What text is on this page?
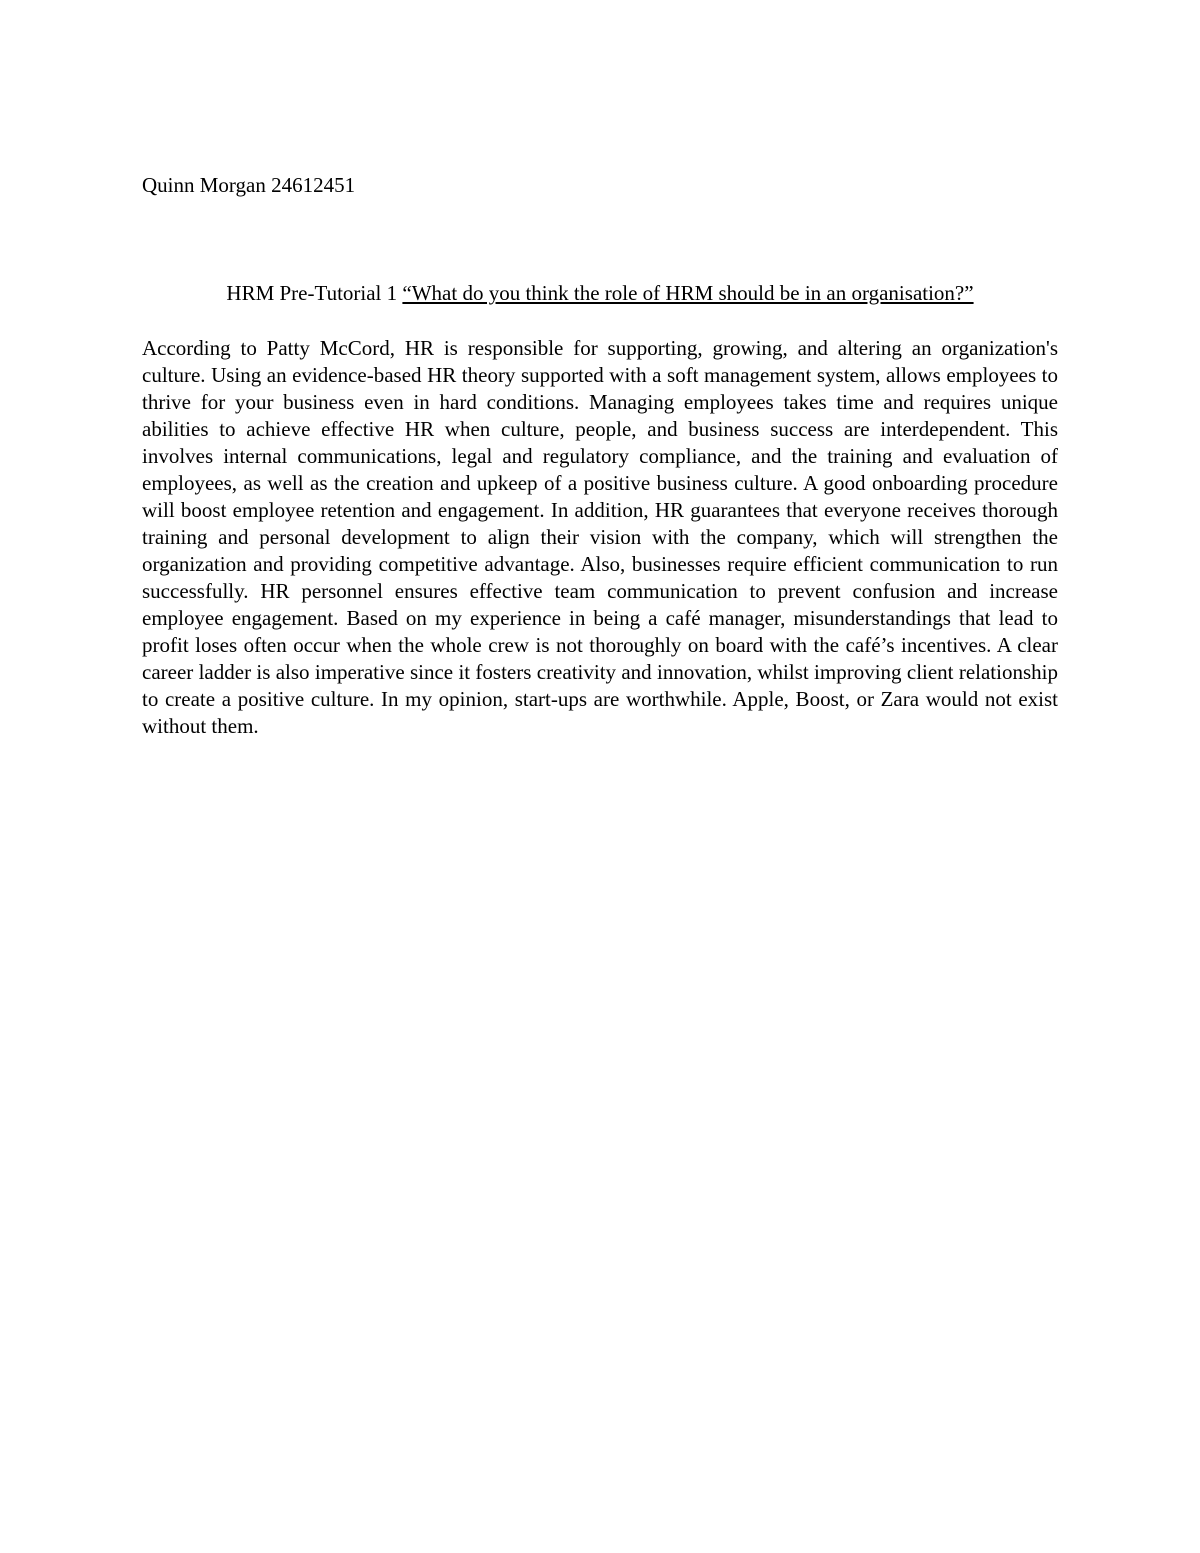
Quinn Morgan 24612451
HRM Pre-Tutorial 1 “What do you think the role of HRM should be in an organisation?”

According to Patty McCord, HR is responsible for supporting, growing, and altering an organization's culture. Using an evidence-based HR theory supported with a soft management system, allows employees to thrive for your business even in hard conditions. Managing employees takes time and requires unique abilities to achieve effective HR when culture, people, and business success are interdependent. This involves internal communications, legal and regulatory compliance, and the training and evaluation of employees, as well as the creation and upkeep of a positive business culture. A good onboarding procedure will boost employee retention and engagement. In addition, HR guarantees that everyone receives thorough training and personal development to align their vision with the company, which will strengthen the organization and providing competitive advantage. Also, businesses require efficient communication to run successfully. HR personnel ensures effective team communication to prevent confusion and increase employee engagement. Based on my experience in being a café manager, misunderstandings that lead to profit loses often occur when the whole crew is not thoroughly on board with the café’s incentives. A clear career ladder is also imperative since it fosters creativity and innovation, whilst improving client relationship to create a positive culture. In my opinion, start-ups are worthwhile. Apple, Boost, or Zara would not exist without them.
